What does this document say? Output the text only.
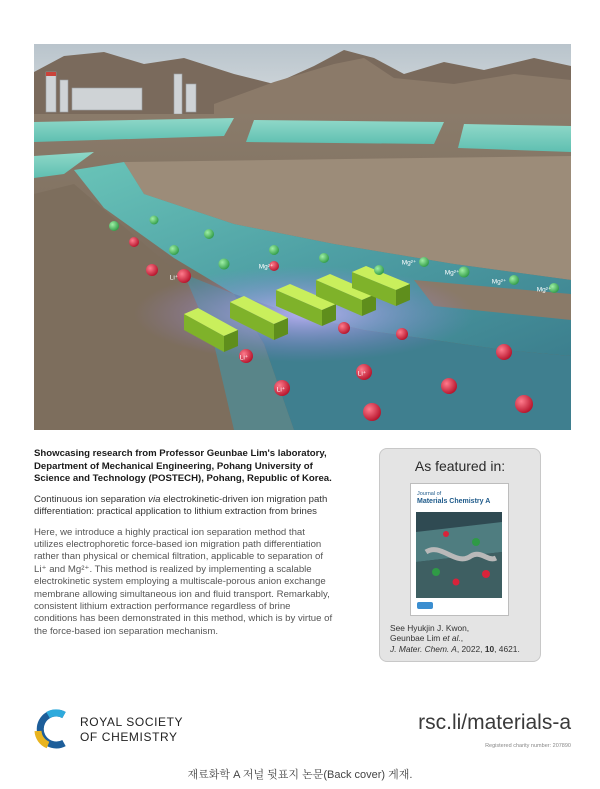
Li⁺
Li⁺
Li⁺
Li⁺
Mg²⁺
Mg²⁺
Mg²⁺
Mg²⁺
Mg²⁺

Showcasing research from Professor Geunbae Lim's laboratory, Department of Mechanical Engineering, Pohang University of Science and Technology (POSTECH), Pohang, Republic of Korea.

Continuous ion separation via electrokinetic-driven ion migration path differentiation: practical application to lithium extraction from brines

Here, we introduce a highly practical ion separation method that utilizes electrophoretic force-based ion migration path differentiation rather than physical or chemical filtration, applicable to separation of Li⁺ and Mg²⁺. This method is realized by implementing a scalable electrokinetic system employing a multiscale-porous anion exchange membrane allowing simultaneous ion and fluid transport. Remarkably, consistent lithium extraction performance regardless of brine conditions has been demonstrated in this method, which is by virtue of the force-based ion separation mechanism.

As featured in:
Journal of
Materials Chemistry A
See Hyukjin J. Kwon,
Geunbae Lim et al.,
J. Mater. Chem. A, 2022, 10, 4621.
ROYAL SOCIETY
OF CHEMISTRY
rsc.li/materials-a
Registered charity number: 207890
재료화학 A 저널 뒷표지 논문(Back cover) 게재.
